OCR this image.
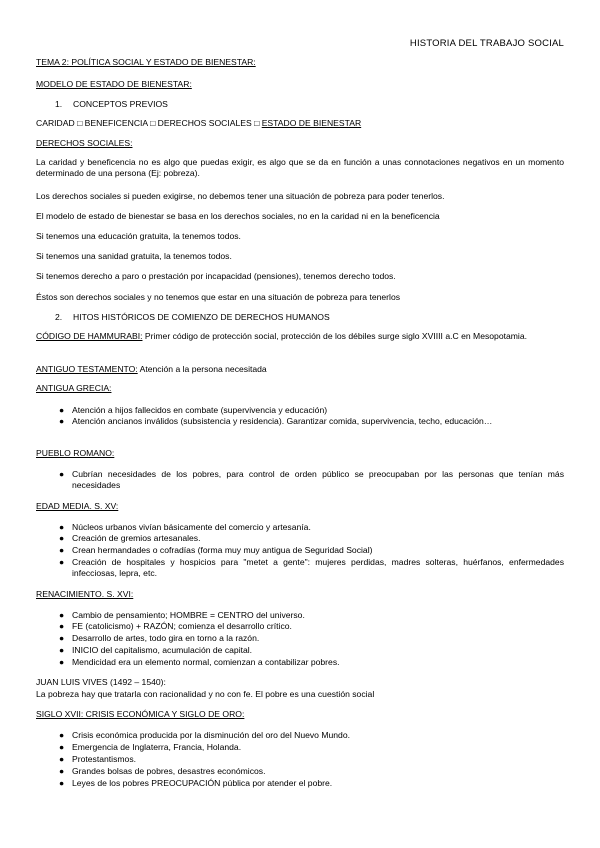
HISTORIA DEL TRABAJO SOCIAL
TEMA 2: POLÍTICA SOCIAL Y ESTADO DE BIENESTAR:
MODELO DE ESTADO DE BIENESTAR:
1. CONCEPTOS PREVIOS
CARIDAD □ BENEFICENCIA □ DERECHOS SOCIALES □ ESTADO DE BIENESTAR
DERECHOS SOCIALES:
La caridad y beneficencia no es algo que puedas exigir, es algo que se da en función a unas connotaciones negativos en un momento determinado de una persona (Ej: pobreza).
Los derechos sociales si pueden exigirse, no debemos tener una situación de pobreza para poder tenerlos.
El modelo de estado de bienestar se basa en los derechos sociales, no en la caridad ni en la beneficencia
Si tenemos una educación gratuita, la tenemos todos.
Si tenemos una sanidad gratuita, la tenemos todos.
Si tenemos derecho a paro o prestación por incapacidad (pensiones), tenemos derecho todos.
Éstos son derechos sociales y no tenemos que estar en una situación de pobreza para tenerlos
2. HITOS HISTÓRICOS DE COMIENZO DE DERECHOS HUMANOS
CÓDIGO DE HAMMURABI: Primer código de protección social, protección de los débiles surge siglo XVIIII a.C en Mesopotamia.
ANTIGUO TESTAMENTO: Atención a la persona necesitada
ANTIGUA GRECIA:
● Atención a hijos fallecidos en combate (supervivencia y educación)
● Atención ancianos inválidos (subsistencia y residencia). Garantizar comida, supervivencia, techo, educación…
PUEBLO ROMANO:
● Cubrían necesidades de los pobres, para control de orden público se preocupaban por las personas que tenían más necesidades
EDAD MEDIA. S. XV:
● Núcleos urbanos vivían básicamente del comercio y artesanía.
● Creación de gremios artesanales.
● Crean hermandades o cofradías (forma muy muy antigua de Seguridad Social)
● Creación de hospitales y hospicios para "metet a gente": mujeres perdidas, madres solteras, huérfanos, enfermedades infecciosas, lepra, etc.
RENACIMIENTO. S. XVI:
● Cambio de pensamiento; HOMBRE = CENTRO del universo.
● FE (catolicismo) + RAZÓN; comienza el desarrollo crítico.
● Desarrollo de artes, todo gira en torno a la razón.
● INICIO del capitalismo, acumulación de capital.
● Mendicidad era un elemento normal, comienzan a contabilizar pobres.
JUAN LUIS VIVES (1492 – 1540):
La pobreza hay que tratarla con racionalidad y no con fe. El pobre es una cuestión social
SIGLO XVII: CRISIS ECONÓMICA Y SIGLO DE ORO:
● Crisis económica producida por la disminución del oro del Nuevo Mundo.
● Emergencia de Inglaterra, Francia, Holanda.
● Protestantismos.
● Grandes bolsas de pobres, desastres económicos.
● Leyes de los pobres PREOCUPACIÓN pública por atender el pobre.
